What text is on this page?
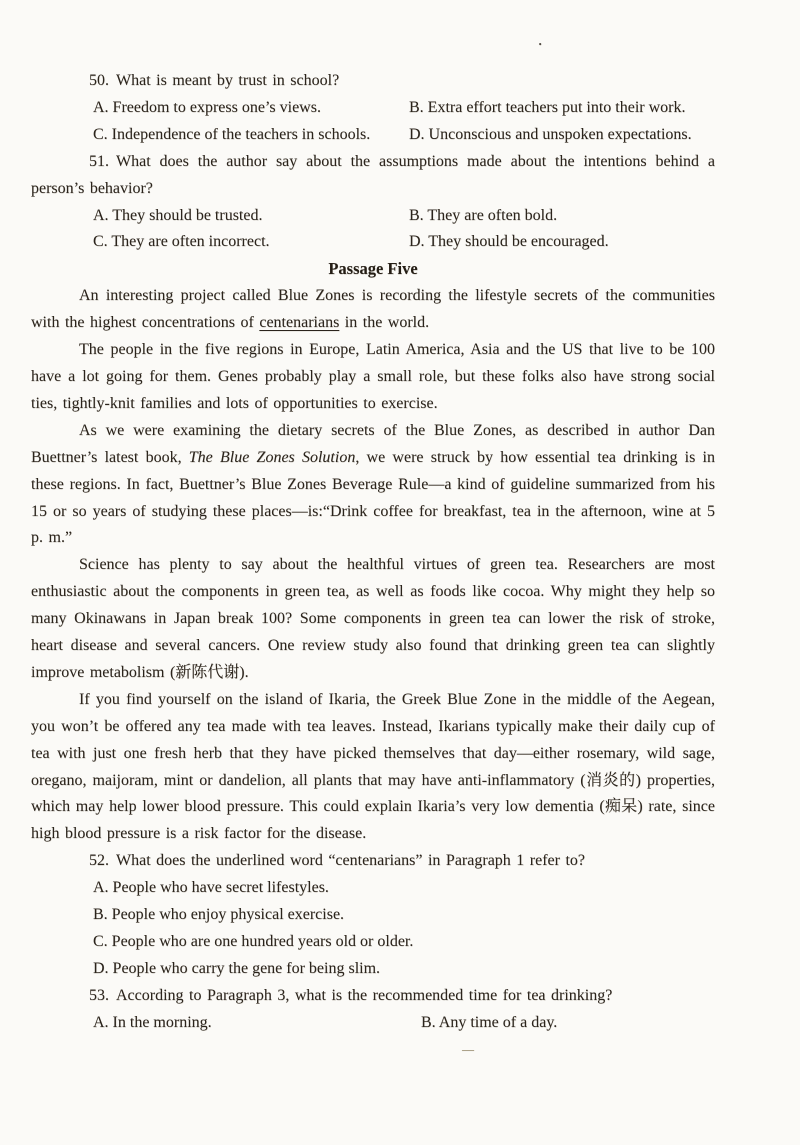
·

50. What is meant by trust in school?

A. Freedom to express one’s views.	B. Extra effort teachers put into their work.
C. Independence of the teachers in schools.	D. Unconscious and unspoken expectations.

51. What does the author say about the assumptions made about the intentions behind a person’s behavior?

A. They should be trusted.	B. They are often bold.
C. They are often incorrect.	D. They should be encouraged.
Passage Five

An interesting project called Blue Zones is recording the lifestyle secrets of the communities with the highest concentrations of centenarians in the world.

The people in the five regions in Europe, Latin America, Asia and the US that live to be 100 have a lot going for them. Genes probably play a small role, but these folks also have strong social ties, tightly-knit families and lots of opportunities to exercise.

As we were examining the dietary secrets of the Blue Zones, as described in author Dan Buettner’s latest book, The Blue Zones Solution, we were struck by how essential tea drinking is in these regions. In fact, Buettner’s Blue Zones Beverage Rule—a kind of guideline summarized from his 15 or so years of studying these places—is:“Drink coffee for breakfast, tea in the afternoon, wine at 5 p. m.”

Science has plenty to say about the healthful virtues of green tea. Researchers are most enthusiastic about the components in green tea, as well as foods like cocoa. Why might they help so many Okinawans in Japan break 100? Some components in green tea can lower the risk of stroke, heart disease and several cancers. One review study also found that drinking green tea can slightly improve metabolism (新陈代谢).

If you find yourself on the island of Ikaria, the Greek Blue Zone in the middle of the Aegean, you won’t be offered any tea made with tea leaves. Instead, Ikarians typically make their daily cup of tea with just one fresh herb that they have picked themselves that day—either rosemary, wild sage, oregano, maijoram, mint or dandelion, all plants that may have anti-inflammatory (消炎的) properties, which may help lower blood pressure. This could explain Ikaria’s very low dementia (痴呆) rate, since high blood pressure is a risk factor for the disease.

52. What does the underlined word “centenarians” in Paragraph 1 refer to?

A. People who have secret lifestyles.
B. People who enjoy physical exercise.
C. People who are one hundred years old or older.
D. People who carry the gene for being slim.

53. According to Paragraph 3, what is the recommended time for tea drinking?

A. In the morning.	B. Any time of a day.
—
